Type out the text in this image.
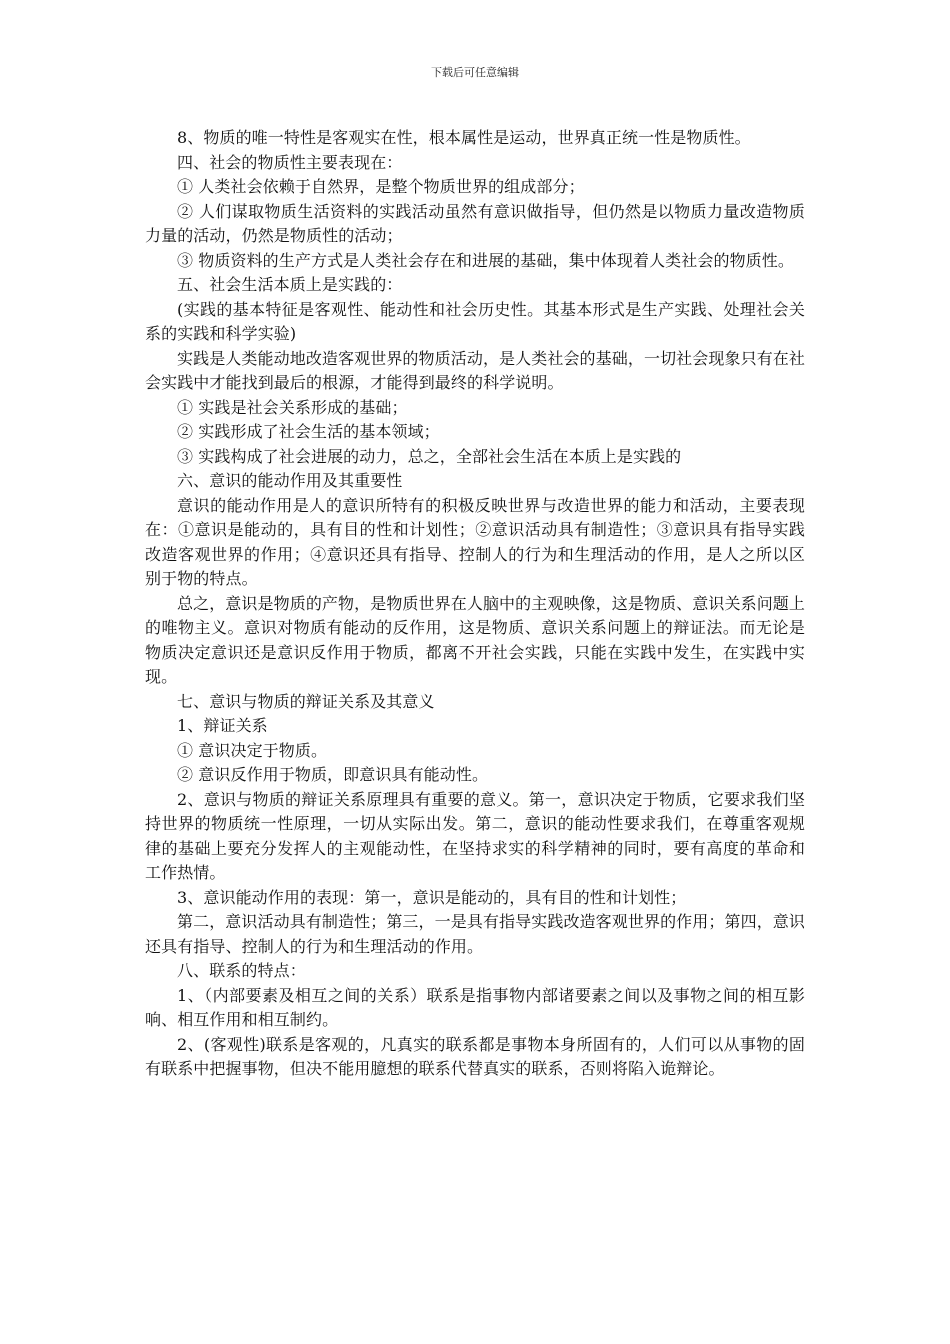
下载后可任意编辑

8、物质的唯一特性是客观实在性，根本属性是运动，世界真正统一性是物质性。

四、社会的物质性主要表现在：

① 人类社会依赖于自然界，是整个物质世界的组成部分；

② 人们谋取物质生活资料的实践活动虽然有意识做指导，但仍然是以物质力量改造物质力量的活动，仍然是物质性的活动；

③ 物质资料的生产方式是人类社会存在和进展的基础，集中体现着人类社会的物质性。

五、社会生活本质上是实践的：

(实践的基本特征是客观性、能动性和社会历史性。其基本形式是生产实践、处理社会关系的实践和科学实验)

实践是人类能动地改造客观世界的物质活动，是人类社会的基础，一切社会现象只有在社会实践中才能找到最后的根源，才能得到最终的科学说明。

① 实践是社会关系形成的基础；

② 实践形成了社会生活的基本领域；

③ 实践构成了社会进展的动力，总之，全部社会生活在本质上是实践的

六、意识的能动作用及其重要性

意识的能动作用是人的意识所特有的积极反映世界与改造世界的能力和活动，主要表现在：①意识是能动的，具有目的性和计划性；②意识活动具有制造性；③意识具有指导实践改造客观世界的作用；④意识还具有指导、控制人的行为和生理活动的作用，是人之所以区别于物的特点。

总之，意识是物质的产物，是物质世界在人脑中的主观映像，这是物质、意识关系问题上的唯物主义。意识对物质有能动的反作用，这是物质、意识关系问题上的辩证法。而无论是物质决定意识还是意识反作用于物质，都离不开社会实践，只能在实践中发生，在实践中实现。

七、意识与物质的辩证关系及其意义

1、辩证关系

① 意识决定于物质。

② 意识反作用于物质，即意识具有能动性。

2、意识与物质的辩证关系原理具有重要的意义。第一，意识决定于物质，它要求我们坚持世界的物质统一性原理，一切从实际出发。第二，意识的能动性要求我们，在尊重客观规律的基础上要充分发挥人的主观能动性，在坚持求实的科学精神的同时，要有高度的革命和工作热情。

3、意识能动作用的表现：第一，意识是能动的，具有目的性和计划性；

第二，意识活动具有制造性；第三，一是具有指导实践改造客观世界的作用；第四，意识还具有指导、控制人的行为和生理活动的作用。

八、联系的特点：

1、（内部要素及相互之间的关系）联系是指事物内部诸要素之间以及事物之间的相互影响、相互作用和相互制约。

2、(客观性)联系是客观的，凡真实的联系都是事物本身所固有的，人们可以从事物的固有联系中把握事物，但决不能用臆想的联系代替真实的联系，否则将陷入诡辩论。
